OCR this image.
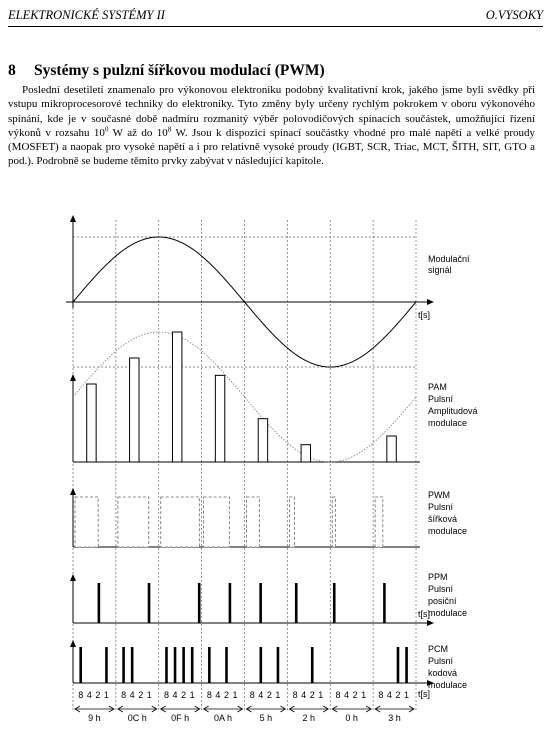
ELEKTRONICKÉ SYSTÉMY II	O.VYSOKY
8 Systémy s pulzní šířkovou modulací (PWM)

Poslední desetiletí znamenalo pro výkonovou elektroniku podobný kvalitativní krok, jakého jsme byli svědky při vstupu mikroprocesorové techniky do elektroniky. Tyto změny byly určeny rychlým pokrokem v oboru výkonového spínání, kde je v současné době nadmíru rozmanitý výběr polovodičových spínacích součástek, umožňující řízení výkonů v rozsahu $10^0$ W až do $10^8$ W. Jsou k dispozici spínací součástky vhodné pro malé napětí a velké proudy (MOSFET) a naopak pro vysoké napětí a i pro relativně vysoké proudy (IGBT, SCR, Triac, MCT, ŠITH, SIT, GTO a pod.). Podrobně se budeme těmito prvky zabývat v následující kapitole.

t[s]
t[s]
t[s]
8 4 2 1 8 4 2 1 8 4 2 1 8 4 2 1 8 4 2 1 8 4 2 1 8 4 2 1 8 4 2 1
9 h	0C h	0F h	0A h	5 h	2 h	0 h	3 h
Modulační
signál
PAM
Pulsní
Amplitudová
modulace
PWM
Pulsní
šířková
modulace
PPM
Pulsní
posiční
modulace
PCM
Pulsní
kodová
modulace
